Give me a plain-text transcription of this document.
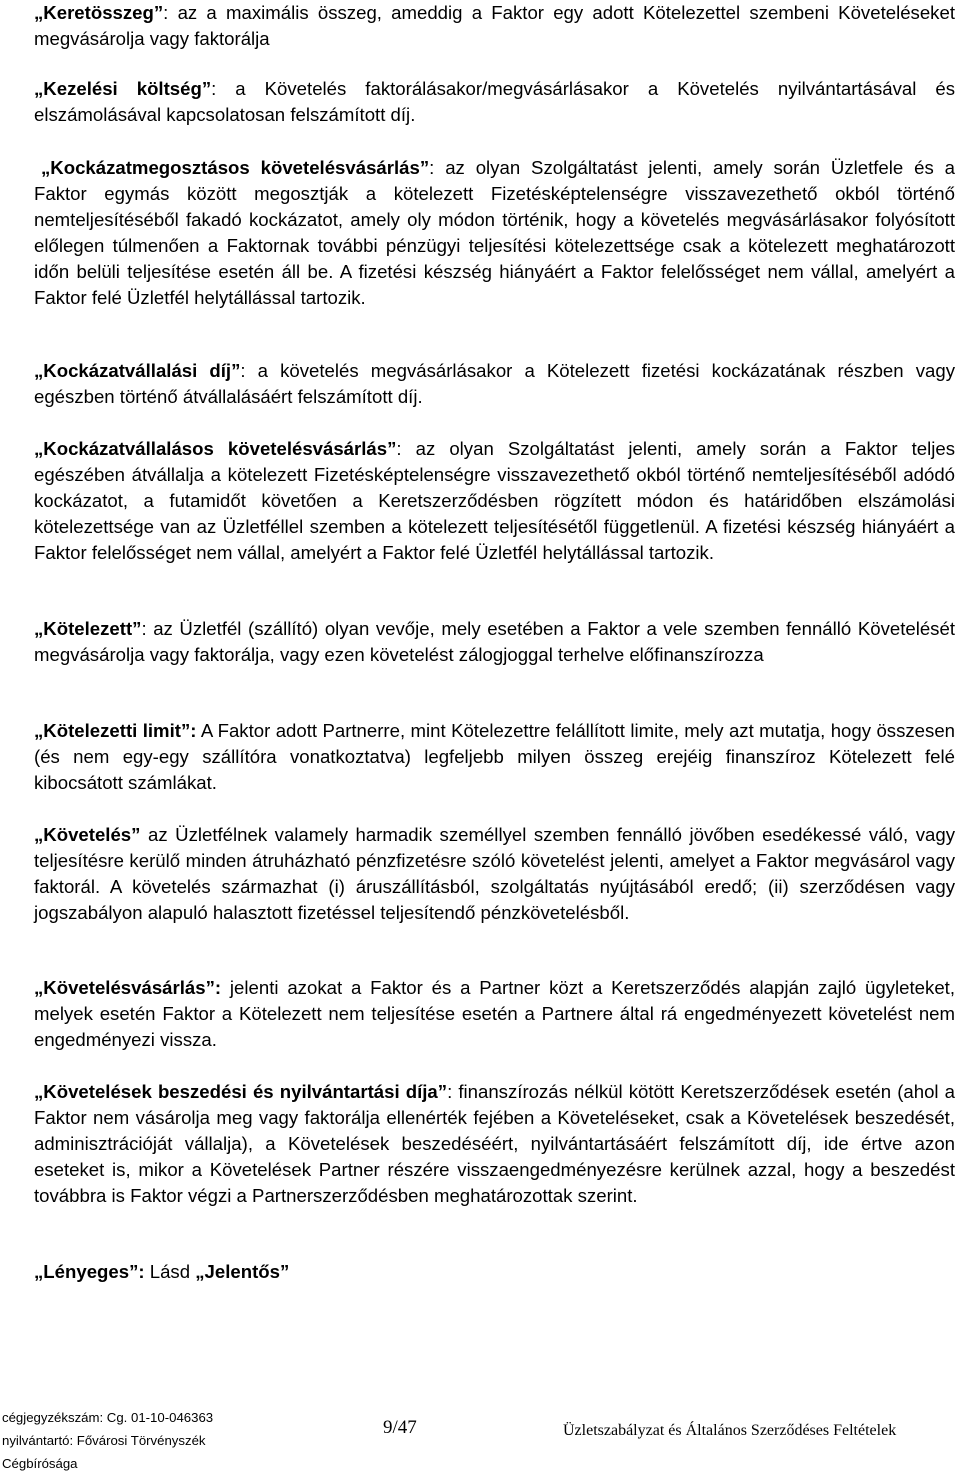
„Keretösszeg”: az a maximális összeg, ameddig a Faktor egy adott Kötelezettel szembeni Követeléseket megvásárolja vagy faktorálja

„Kezelési költség”: a Követelés faktorálásakor/megvásárlásakor a Követelés nyilvántartásával és elszámolásával kapcsolatosan felszámított díj.

„Kockázatmegosztásos követelésvásárlás”: az olyan Szolgáltatást jelenti, amely során Üzletfele és a Faktor egymás között megosztják a kötelezett Fizetésképtelenségre visszavezethető okból történő nemteljesítéséből fakadó kockázatot, amely oly módon történik, hogy a követelés megvásárlásakor folyósított előlegen túlmenően a Faktornak további pénzügyi teljesítési kötelezettsége csak a kötelezett meghatározott időn belüli teljesítése esetén áll be. A fizetési készség hiányáért a Faktor felelősséget nem vállal, amelyért a Faktor felé Üzletfél helytállással tartozik.

„Kockázatvállalási díj”: a követelés megvásárlásakor a Kötelezett fizetési kockázatának részben vagy egészben történő átvállalásáért felszámított díj.

„Kockázatvállalásos követelésvásárlás”: az olyan Szolgáltatást jelenti, amely során a Faktor teljes egészében átvállalja a kötelezett Fizetésképtelenségre visszavezethető okból történő nemteljesítéséből adódó kockázatot, a futamidőt követően a Keretszerződésben rögzített módon és határidőben elszámolási kötelezettsége van az Üzletféllel szemben a kötelezett teljesítésétől függetlenül. A fizetési készség hiányáért a Faktor felelősséget nem vállal, amelyért a Faktor felé Üzletfél helytállással tartozik.

„Kötelezett”: az Üzletfél (szállító) olyan vevője, mely esetében a Faktor a vele szemben fennálló Követelését megvásárolja vagy faktorálja, vagy ezen követelést zálogjoggal terhelve előfinanszírozza

„Kötelezetti limit”: A Faktor adott Partnerre, mint Kötelezettre felállított limite, mely azt mutatja, hogy összesen (és nem egy-egy szállítóra vonatkoztatva) legfeljebb milyen összeg erejéig finanszíroz Kötelezett felé kibocsátott számlákat.

„Követelés” az Üzletfélnek valamely harmadik személlyel szemben fennálló jövőben esedékessé váló, vagy teljesítésre kerülő minden átruházható pénzfizetésre szóló követelést jelenti, amelyet a Faktor megvásárol vagy faktorál. A követelés származhat (i) áruszállításból, szolgáltatás nyújtásából eredő; (ii) szerződésen vagy jogszabályon alapuló halasztott fizetéssel teljesítendő pénzkövetelésből.

„Követelésvásárlás”: jelenti azokat a Faktor és a Partner közt a Keretszerződés alapján zajló ügyleteket, melyek esetén Faktor a Kötelezett nem teljesítése esetén a Partnere által rá engedményezett követelést nem engedményezi vissza.

„Követelések beszedési és nyilvántartási díja”: finanszírozás nélkül kötött Keretszerződések esetén (ahol a Faktor nem vásárolja meg vagy faktorálja ellenérték fejében a Követeléseket, csak a Követelések beszedését, adminisztrációját vállalja), a Követelések beszedéséért, nyilvántartásáért felszámított díj, ide értve azon eseteket is, mikor a Követelések Partner részére visszaengedményezésre kerülnek azzal, hogy a beszedést továbbra is Faktor végzi a Partnerszerződésben meghatározottak szerint.

„Lényeges”: Lásd „Jelentős”

cégjegyzékszám: Cg. 01-10-046363
nyilvántartó: Fővárosi Törvényszék
Cégbírósága
9/47	Üzletszabályzat és Általános Szerződéses Feltételek
